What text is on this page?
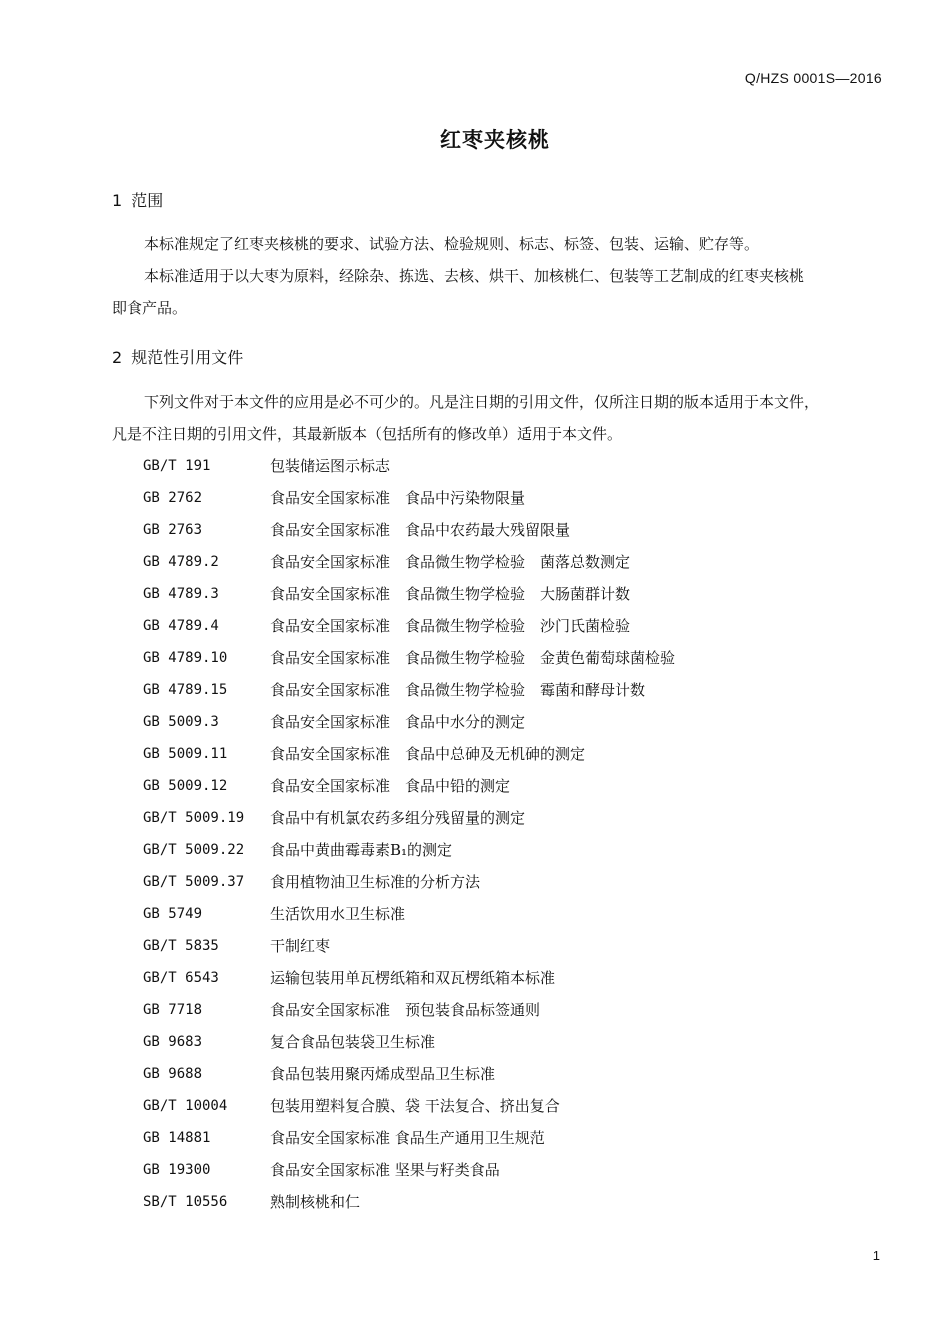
Q/HZS 0001S—2016
红枣夹核桃
1 范围
本标准规定了红枣夹核桃的要求、试验方法、检验规则、标志、标签、包装、运输、贮存等。
本标准适用于以大枣为原料，经除杂、拣选、去核、烘干、加核桃仁、包装等工艺制成的红枣夹核桃
即食产品。
2 规范性引用文件
下列文件对于本文件的应用是必不可少的。凡是注日期的引用文件，仅所注日期的版本适用于本文件，
凡是不注日期的引用文件，其最新版本（包括所有的修改单）适用于本文件。
GB/T 191	包装储运图示标志
GB 2762	食品安全国家标准　食品中污染物限量
GB 2763	食品安全国家标准　食品中农药最大残留限量
GB 4789.2	食品安全国家标准　食品微生物学检验　菌落总数测定
GB 4789.3	食品安全国家标准　食品微生物学检验　大肠菌群计数
GB 4789.4	食品安全国家标准　食品微生物学检验　沙门氏菌检验
GB 4789.10	食品安全国家标准　食品微生物学检验　金黄色葡萄球菌检验
GB 4789.15	食品安全国家标准　食品微生物学检验　霉菌和酵母计数
GB 5009.3	食品安全国家标准　食品中水分的测定
GB 5009.11	食品安全国家标准　食品中总砷及无机砷的测定
GB 5009.12	食品安全国家标准　食品中铅的测定
GB/T 5009.19	食品中有机氯农药多组分残留量的测定
GB/T 5009.22	食品中黄曲霉毒素B₁的测定
GB/T 5009.37	食用植物油卫生标准的分析方法
GB 5749	生活饮用水卫生标准
GB/T 5835	干制红枣
GB/T 6543	运输包装用单瓦楞纸箱和双瓦楞纸箱本标准
GB 7718	食品安全国家标准　预包装食品标签通则
GB 9683	复合食品包装袋卫生标准
GB 9688	食品包装用聚丙烯成型品卫生标准
GB/T 10004	包装用塑料复合膜、袋 干法复合、挤出复合
GB 14881	食品安全国家标准 食品生产通用卫生规范
GB 19300	食品安全国家标准 坚果与籽类食品
SB/T 10556	熟制核桃和仁
1
